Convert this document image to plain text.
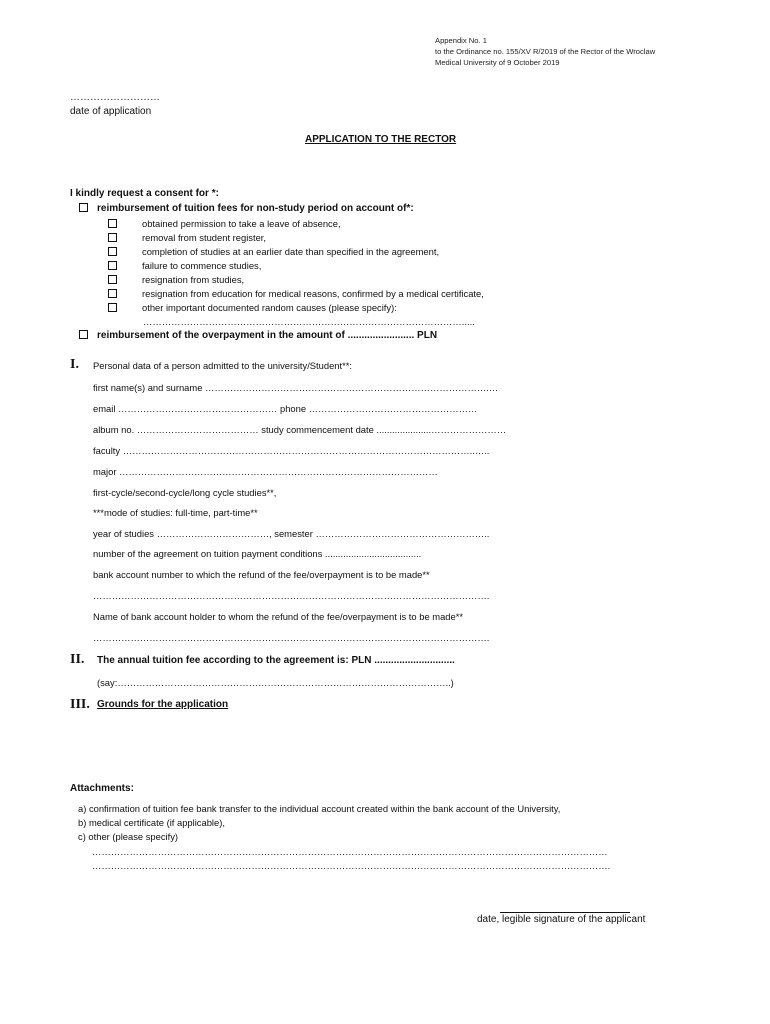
Appendix No. 1
to the Ordinance no. 155/XV R/2019 of the Rector of the Wroclaw
Medical University of 9 October 2019
………………………
date of application
APPLICATION TO THE RECTOR
I kindly request a consent for *:
reimbursement of tuition fees for non-study period on account of*:
obtained permission to take a leave of absence,
removal from student register,
completion of studies at an earlier date than specified in the agreement,
failure to commence studies,
resignation from studies,
resignation from education for medical reasons, confirmed by a medical certificate,
other important documented random causes (please specify):
………………………………………………………………………………………….....
reimbursement of the overpayment in the amount of ........................ PLN
I. Personal data of a person admitted to the university/Student**:
first name(s) and surname ……………………………………………………………………………….…
email …………………………………………… phone ………………………………………………
album no. ………………………………… study commencement date .....................……………………
faculty …………………………………………………………………………………………………..…..
major …………………………………………………………………………………………
first-cycle/second-cycle/long cycle studies**,
***mode of studies: full-time, part-time**
year of studies ………………………………, semester ………………………………………………..
number of the agreement on tuition payment conditions .....................................
bank account number to which the refund of the fee/overpayment is to be made**
……………………………………………………………………………………………………………….
Name of bank account holder to whom the refund of the fee/overpayment is to be made**
……………………………………………………………………………………………………………….
II. The annual tuition fee according to the agreement is: PLN .............................
(say:……………………………………………………………………………………………..)
III. Grounds for the application
Attachments:
a) confirmation of tuition fee bank transfer to the individual account created within the bank account of the University,
b) medical certificate (if applicable),
c) other (please specify)
…………………………………………………………………………………………………………………………………………………
………………………………………………………………………………………………………………………………………………….
date, legible signature of the applicant
